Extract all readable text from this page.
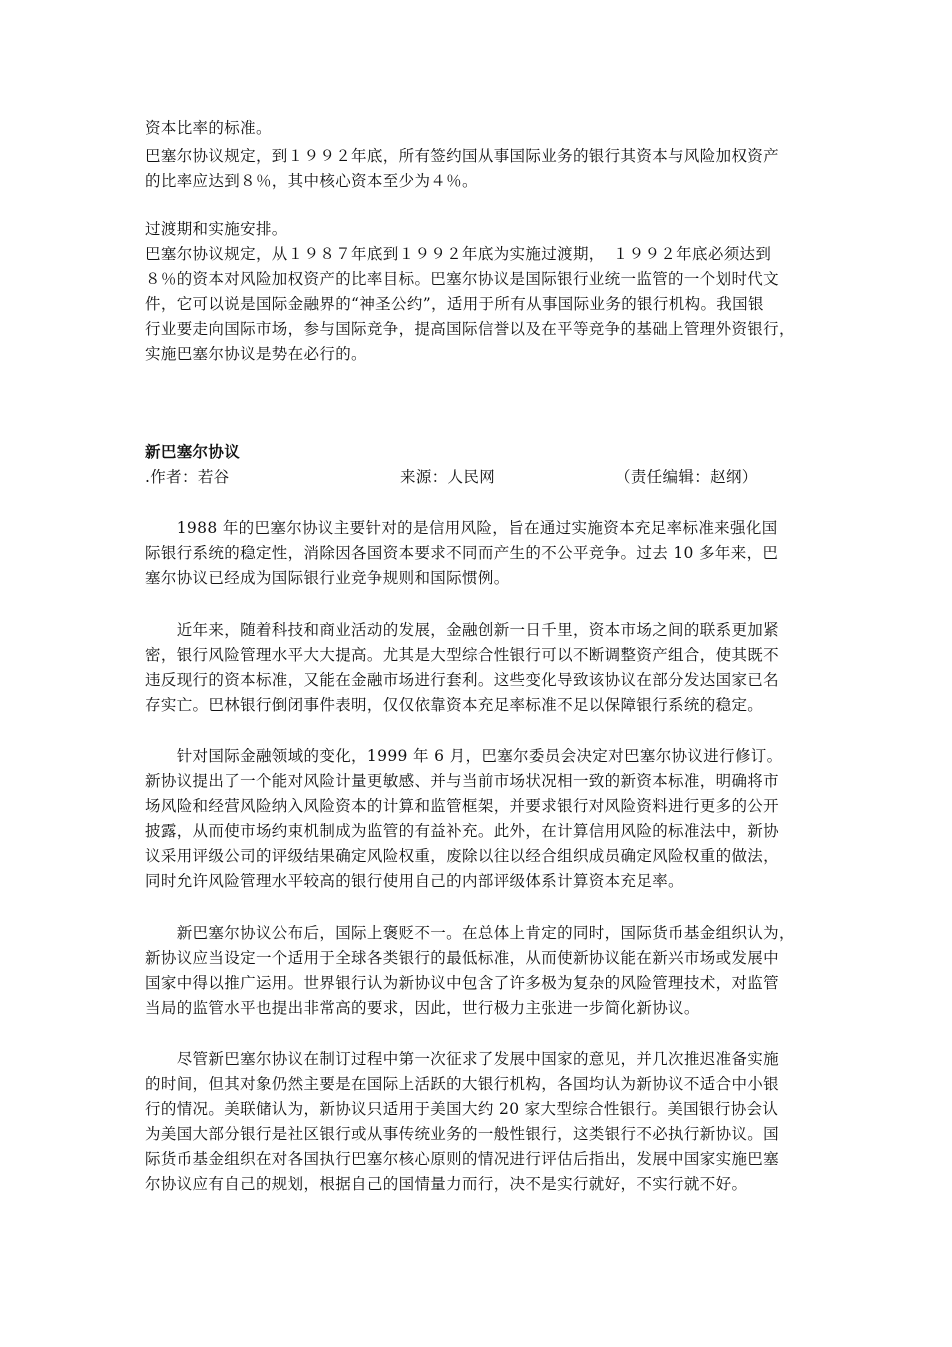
资本比率的标准。
巴塞尔协议规定，到１９９２年底，所有签约国从事国际业务的银行其资本与风险加权资产
的比率应达到８％，其中核心资本至少为４％。
过渡期和实施安排。
巴塞尔协议规定，从１９８７年底到１９９２年底为实施过渡期，　１９９２年底必须达到
８％的资本对风险加权资产的比率目标。巴塞尔协议是国际银行业统一监管的一个划时代文
件，它可以说是国际金融界的“神圣公约”，适用于所有从事国际业务的银行机构。我国银
行业要走向国际市场，参与国际竞争，提高国际信誉以及在平等竞争的基础上管理外资银行，
实施巴塞尔协议是势在必行的。
新巴塞尔协议
.作者：若谷	来源：人民网	（责任编辑：赵纲）
　　1988 年的巴塞尔协议主要针对的是信用风险，旨在通过实施资本充足率标准来强化国
际银行系统的稳定性，消除因各国资本要求不同而产生的不公平竞争。过去 10 多年来，巴
塞尔协议已经成为国际银行业竞争规则和国际惯例。
　　近年来，随着科技和商业活动的发展，金融创新一日千里，资本市场之间的联系更加紧
密，银行风险管理水平大大提高。尤其是大型综合性银行可以不断调整资产组合，使其既不
违反现行的资本标准，又能在金融市场进行套利。这些变化导致该协议在部分发达国家已名
存实亡。巴林银行倒闭事件表明，仅仅依靠资本充足率标准不足以保障银行系统的稳定。
　　针对国际金融领域的变化，1999 年 6 月，巴塞尔委员会决定对巴塞尔协议进行修订。
新协议提出了一个能对风险计量更敏感、并与当前市场状况相一致的新资本标准，明确将市
场风险和经营风险纳入风险资本的计算和监管框架，并要求银行对风险资料进行更多的公开
披露，从而使市场约束机制成为监管的有益补充。此外，在计算信用风险的标准法中，新协
议采用评级公司的评级结果确定风险权重，废除以往以经合组织成员确定风险权重的做法，
同时允许风险管理水平较高的银行使用自己的内部评级体系计算资本充足率。
　　新巴塞尔协议公布后，国际上褒贬不一。在总体上肯定的同时，国际货币基金组织认为，
新协议应当设定一个适用于全球各类银行的最低标准，从而使新协议能在新兴市场或发展中
国家中得以推广运用。世界银行认为新协议中包含了许多极为复杂的风险管理技术，对监管
当局的监管水平也提出非常高的要求，因此，世行极力主张进一步简化新协议。
　　尽管新巴塞尔协议在制订过程中第一次征求了发展中国家的意见，并几次推迟准备实施
的时间，但其对象仍然主要是在国际上活跃的大银行机构，各国均认为新协议不适合中小银
行的情况。美联储认为，新协议只适用于美国大约 20 家大型综合性银行。美国银行协会认
为美国大部分银行是社区银行或从事传统业务的一般性银行，这类银行不必执行新协议。国
际货币基金组织在对各国执行巴塞尔核心原则的情况进行评估后指出，发展中国家实施巴塞
尔协议应有自己的规划，根据自己的国情量力而行，决不是实行就好，不实行就不好。
